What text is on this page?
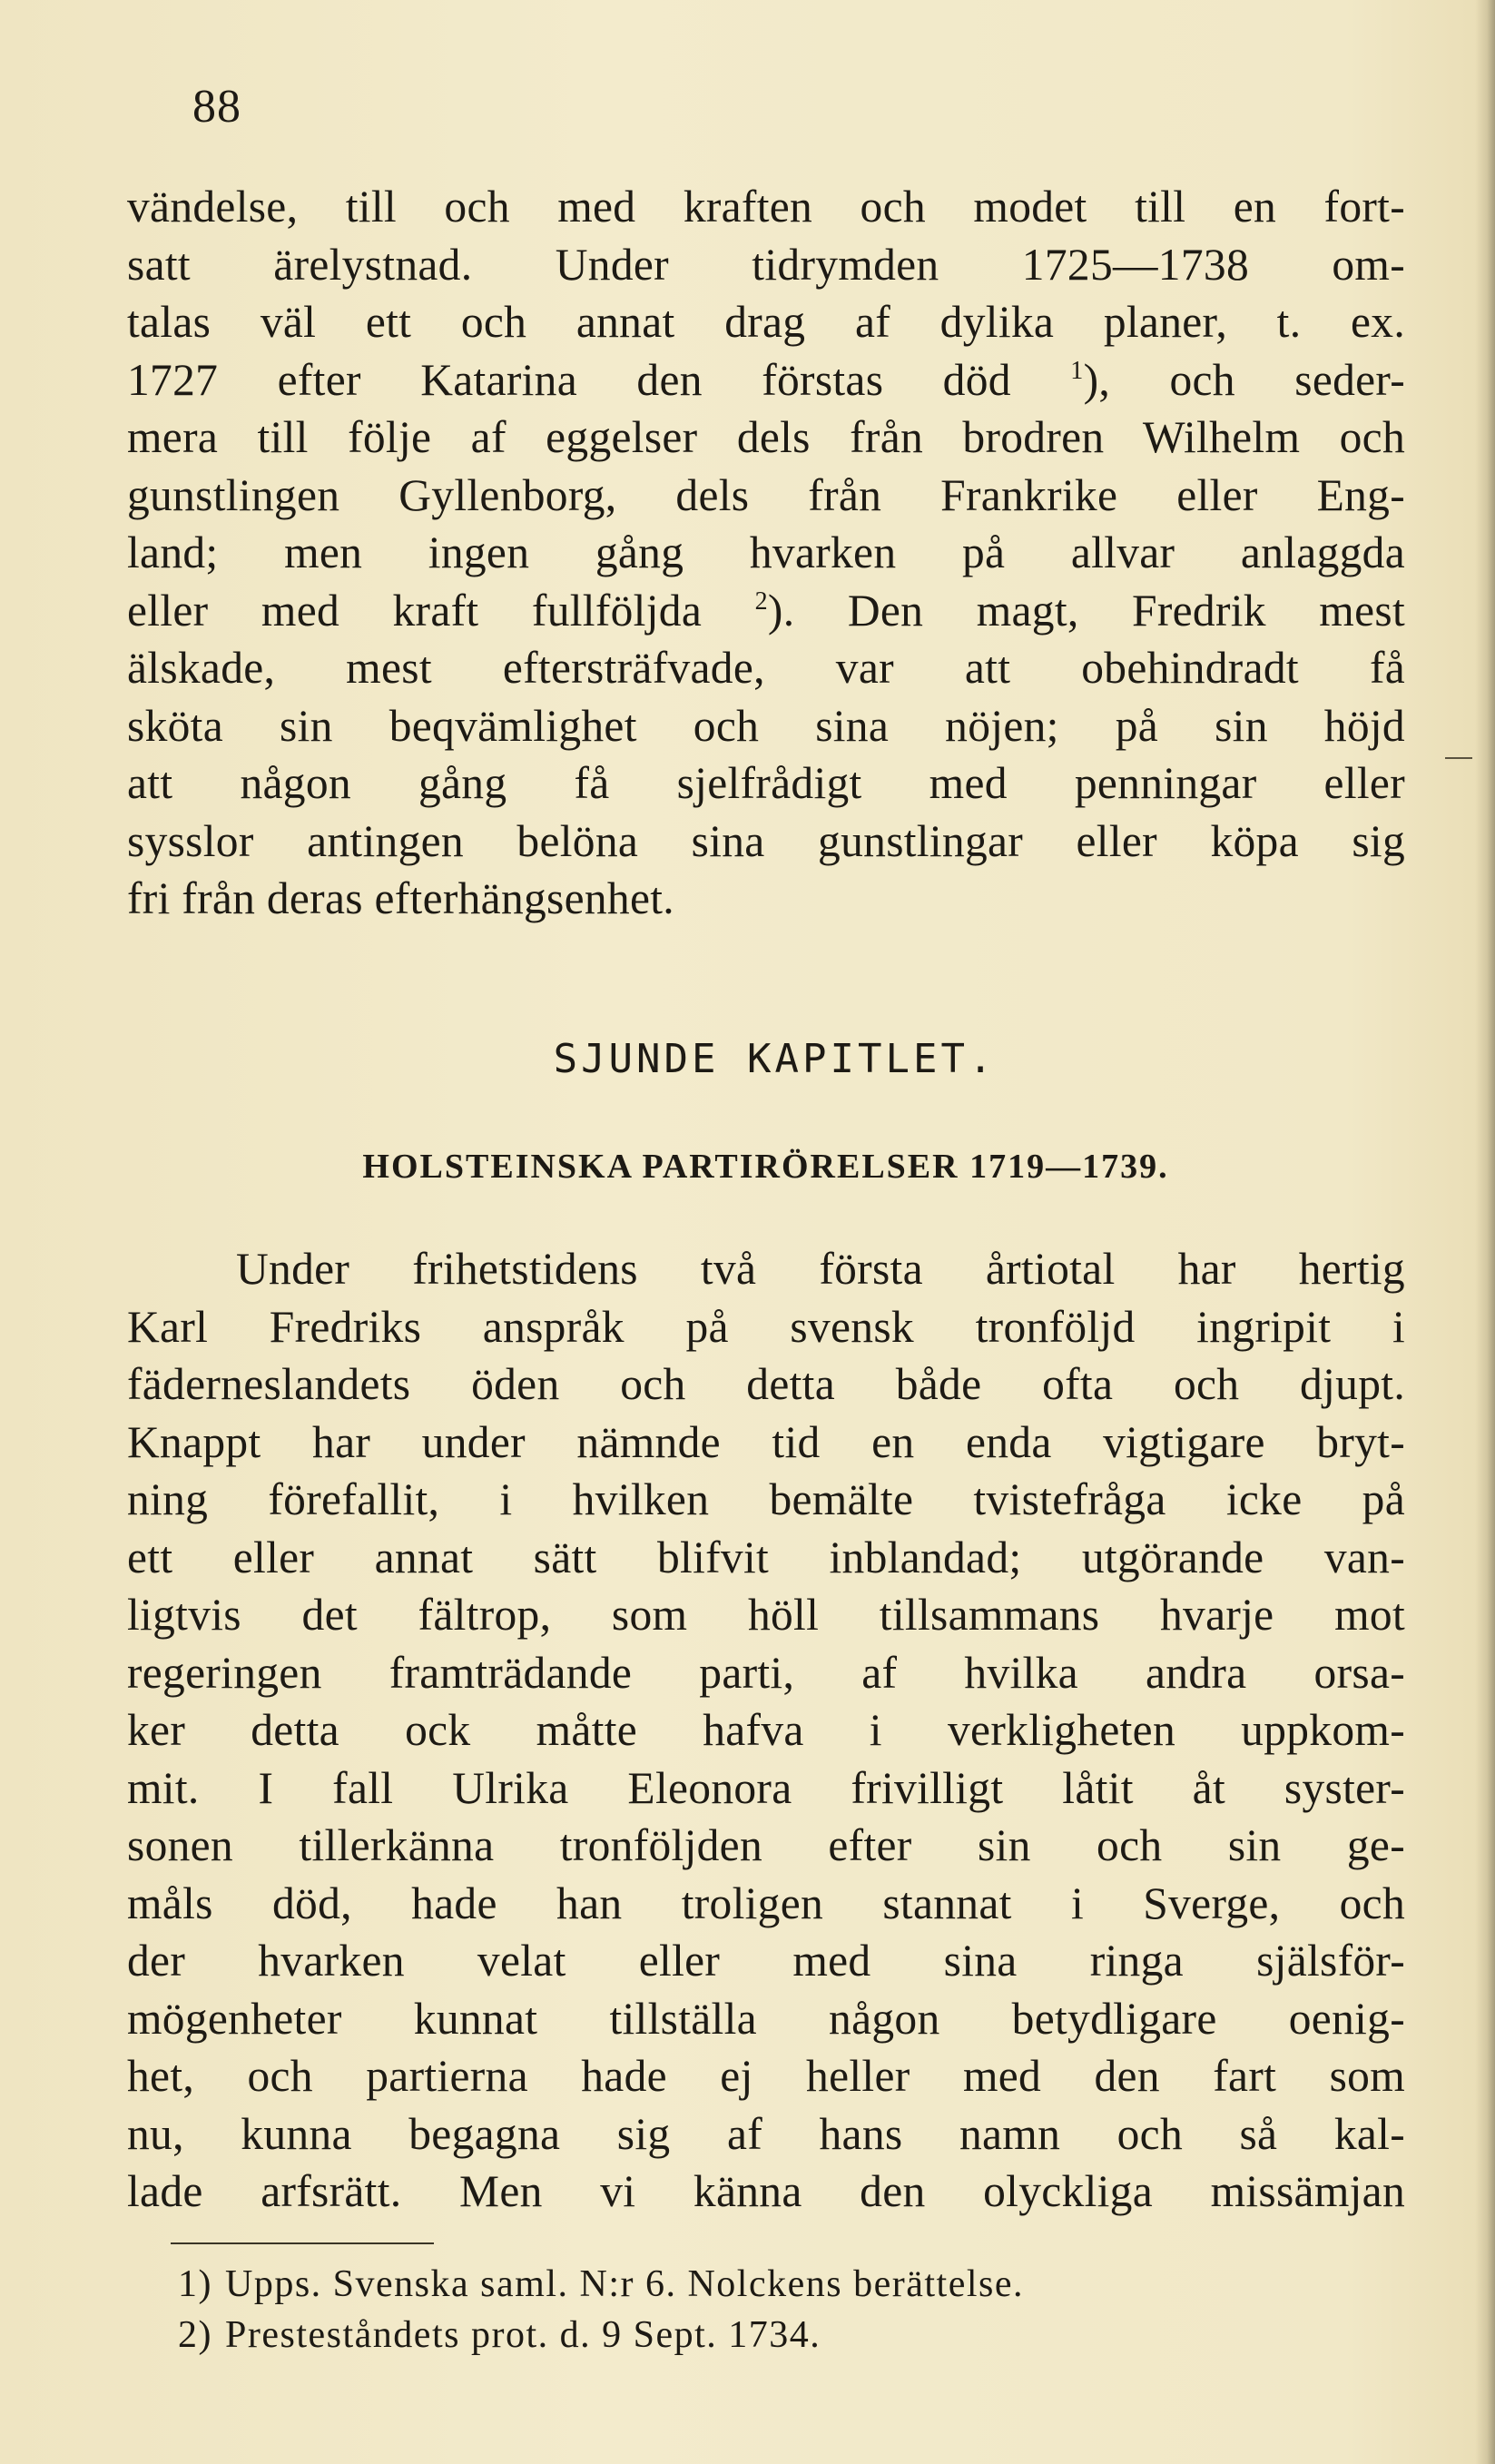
88
vändelse, till och med kraften och modet till en fort-
satt ärelystnad. Under tidrymden 1725—1738 om-
talas väl ett och annat drag af dylika planer, t. ex.
1727 efter Katarina den förstas död $^1$), och seder-
mera till följe af eggelser dels från brodren Wilhelm och
gunstlingen Gyllenborg, dels från Frankrike eller Eng-
land; men ingen gång hvarken på allvar anlaggda
eller med kraft fullföljda $^2$). Den magt, Fredrik mest
älskade, mest eftersträfvade, var att obehindradt få
sköta sin beqvämlighet och sina nöjen; på sin höjd
att någon gång få sjelfrådigt med penningar eller
sysslor antingen belöna sina gunstlingar eller köpa sig
fri från deras efterhängsenhet.
SJUNDE KAPITLET.
HOLSTEINSKA PARTIRÖRELSER 1719—1739.
Under frihetstidens två första årtiotal har hertig
Karl Fredriks anspråk på svensk tronföljd ingripit i
fäderneslandets öden och detta både ofta och djupt.
Knappt har under nämnde tid en enda vigtigare bryt-
ning förefallit, i hvilken bemälte tvistefråga icke på
ett eller annat sätt blifvit inblandad; utgörande van-
ligtvis det fältrop, som höll tillsammans hvarje mot
regeringen framträdande parti, af hvilka andra orsa-
ker detta ock måtte hafva i verkligheten uppkom-
mit. I fall Ulrika Eleonora frivilligt låtit åt syster-
sonen tillerkänna tronföljden efter sin och sin ge-
måls död, hade han troligen stannat i Sverge, och
der hvarken velat eller med sina ringa själsför-
mögenheter kunnat tillställa någon betydligare oenig-
het, och partierna hade ej heller med den fart som
nu, kunna begagna sig af hans namn och så kal-
lade arfsrätt. Men vi känna den olyckliga missämjan
1) Upps. Svenska saml. N:r 6. Nolckens berättelse.
2) Presteståndets prot. d. 9 Sept. 1734.
